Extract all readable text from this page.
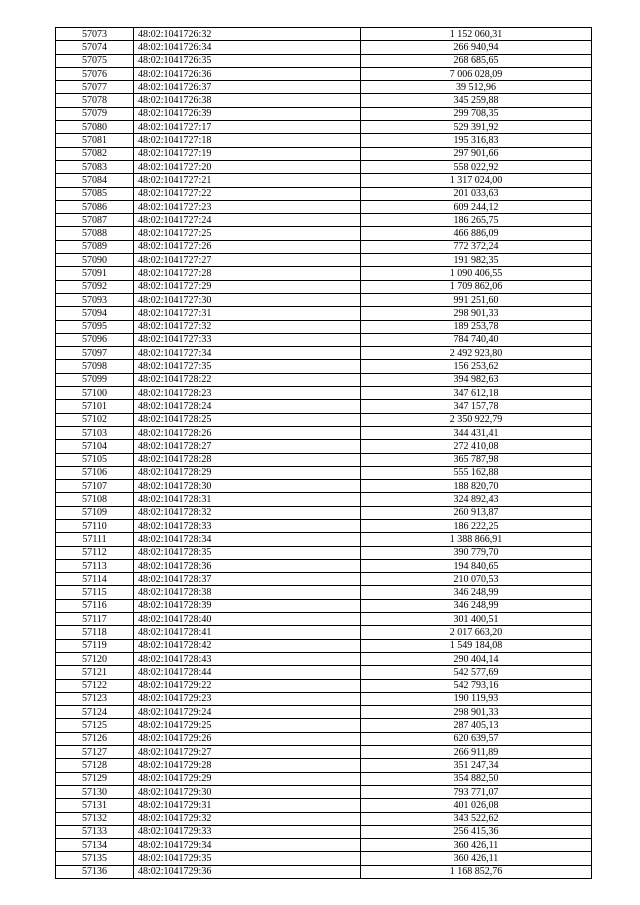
57073	48:02:1041726:32	1 152 060,31
57074	48:02:1041726:34	266 940,94
57075	48:02:1041726:35	268 685,65
57076	48:02:1041726:36	7 006 028,09
57077	48:02:1041726:37	39 512,96
57078	48:02:1041726:38	345 259,88
57079	48:02:1041726:39	299 708,35
57080	48:02:1041727:17	529 391,92
57081	48:02:1041727:18	195 316,83
57082	48:02:1041727:19	297 901,66
57083	48:02:1041727:20	558 022,92
57084	48:02:1041727:21	1 317 024,00
57085	48:02:1041727:22	201 033,63
57086	48:02:1041727:23	609 244,12
57087	48:02:1041727:24	186 265,75
57088	48:02:1041727:25	466 886,09
57089	48:02:1041727:26	772 372,24
57090	48:02:1041727:27	191 982,35
57091	48:02:1041727:28	1 090 406,55
57092	48:02:1041727:29	1 709 862,06
57093	48:02:1041727:30	991 251,60
57094	48:02:1041727:31	298 901,33
57095	48:02:1041727:32	189 253,78
57096	48:02:1041727:33	784 740,40
57097	48:02:1041727:34	2 492 923,80
57098	48:02:1041727:35	156 253,62
57099	48:02:1041728:22	394 982,63
57100	48:02:1041728:23	347 612,18
57101	48:02:1041728:24	347 157,78
57102	48:02:1041728:25	2 350 922,79
57103	48:02:1041728:26	344 431,41
57104	48:02:1041728:27	272 410,08
57105	48:02:1041728:28	365 787,98
57106	48:02:1041728:29	555 162,88
57107	48:02:1041728:30	188 820,70
57108	48:02:1041728:31	324 892,43
57109	48:02:1041728:32	260 913,87
57110	48:02:1041728:33	186 222,25
57111	48:02:1041728:34	1 388 866,91
57112	48:02:1041728:35	390 779,70
57113	48:02:1041728:36	194 840,65
57114	48:02:1041728:37	210 070,53
57115	48:02:1041728:38	346 248,99
57116	48:02:1041728:39	346 248,99
57117	48:02:1041728:40	301 400,51
57118	48:02:1041728:41	2 017 663,20
57119	48:02:1041728:42	1 549 184,08
57120	48:02:1041728:43	290 404,14
57121	48:02:1041728:44	542 577,69
57122	48:02:1041729:22	542 793,16
57123	48:02:1041729:23	190 119,93
57124	48:02:1041729:24	298 901,33
57125	48:02:1041729:25	287 405,13
57126	48:02:1041729:26	620 639,57
57127	48:02:1041729:27	266 911,89
57128	48:02:1041729:28	351 247,34
57129	48:02:1041729:29	354 882,50
57130	48:02:1041729:30	793 771,07
57131	48:02:1041729:31	401 026,08
57132	48:02:1041729:32	343 522,62
57133	48:02:1041729:33	256 415,36
57134	48:02:1041729:34	360 426,11
57135	48:02:1041729:35	360 426,11
57136	48:02:1041729:36	1 168 852,76
